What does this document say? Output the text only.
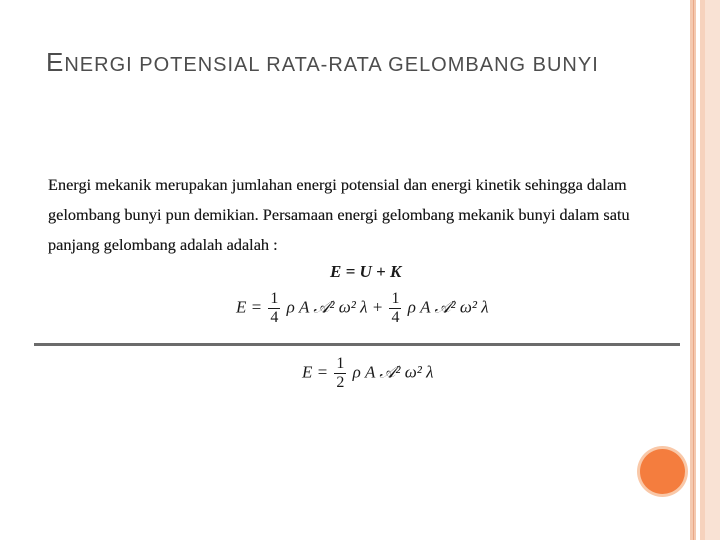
ENERGI POTENSIAL RATA-RATA GELOMBANG BUNYI
Energi mekanik merupakan jumlahan energi potensial dan energi kinetik sehingga dalam gelombang bunyi pun demikian. Persamaan energi gelombang mekanik bunyi dalam satu panjang gelombang adalah adalah :
E = U + K
$E = \frac{1}{4}$ ρ A 𝒜² ω² $\lambda + \frac{1}{4}$ ρ A 𝒜² ω² λ
$E = \frac{1}{2}$ ρ A 𝒜² ω² λ
